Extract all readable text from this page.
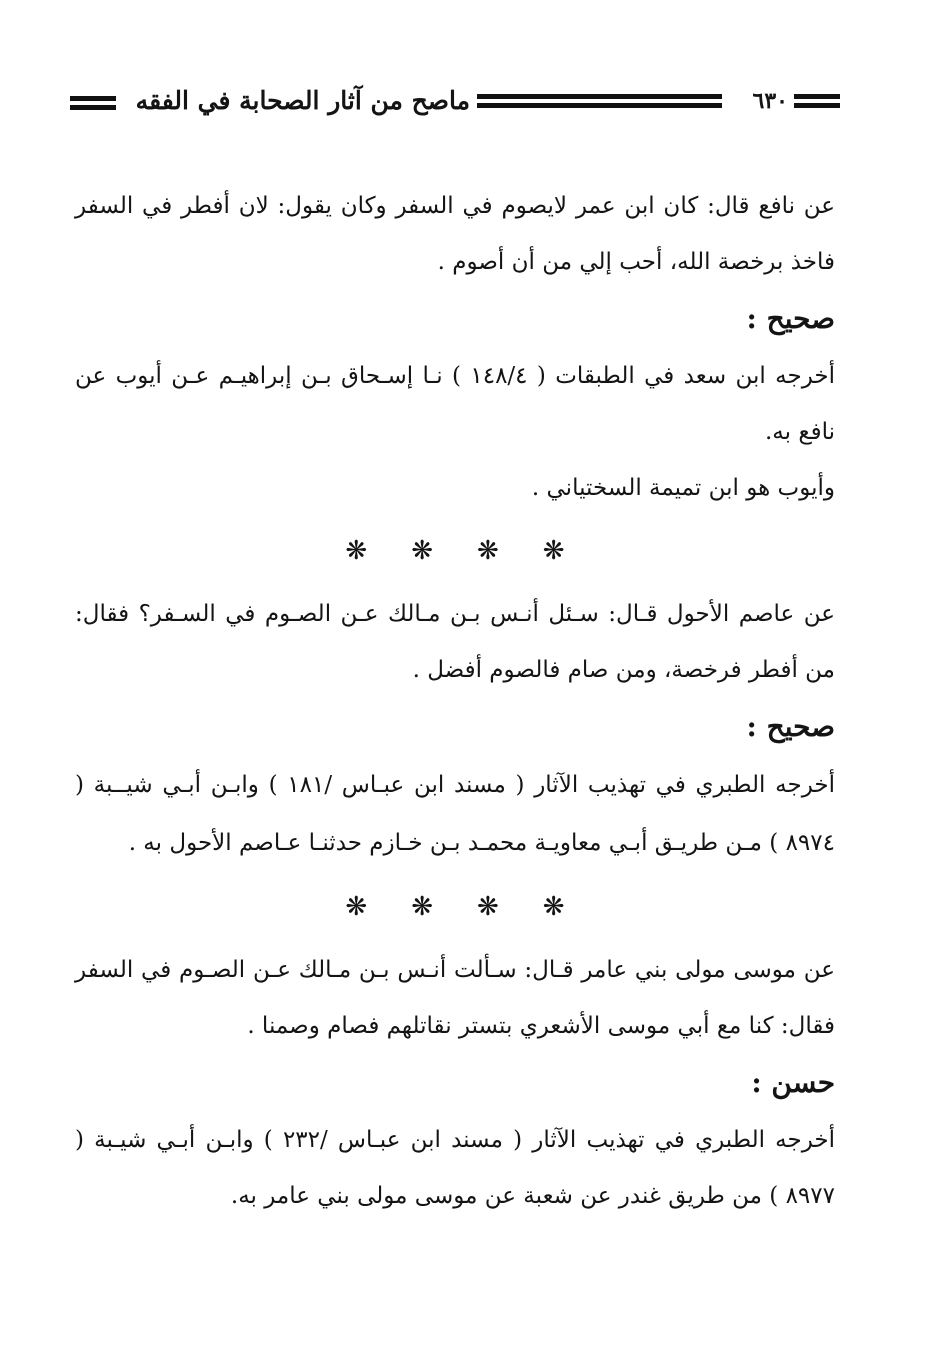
٦٣٠
ماصح من آثار الصحابة في الفقه

عن نافع قال: كان ابن عمر لايصوم في السفر وكان يقول: لان أفطر في السفر فاخذ برخصة الله، أحب إلي من أن أصوم .

صحيح :

أخرجه ابن سعد في الطبقات ( ١٤٨/٤ ) نـا إسـحاق بـن إبراهيـم عـن أيوب عن نافع به.

وأيوب هو ابن تميمة السختياني .

❋❋❋❋

عن عاصم الأحول قـال: سـئل أنـس بـن مـالك عـن الصـوم في السـفر؟ فقال: من أفطر فرخصة، ومن صام فالصوم أفضل .

صحيح :

أخرجه الطبري في تهذيب الآثار ( مسند ابن عبـاس /١٨١ ) وابـن أبـي شيــبة ( ٨٩٧٤ ) مـن طريـق أبـي معاويـة محمـد بـن خـازم حدثنـا عـاصم الأحول به .

❋❋❋❋

عن موسى مولى بني عامر قـال: سـألت أنـس بـن مـالك عـن الصـوم في السفر فقال: كنا مع أبي موسى الأشعري بتستر نقاتلهم فصام وصمنا .

حسن :

أخرجه الطبري في تهذيب الآثار ( مسند ابن عبـاس /٢٣٢ ) وابـن أبـي شيـبة ( ٨٩٧٧ ) من طريق غندر عن شعبة عن موسى مولى بني عامر به.
